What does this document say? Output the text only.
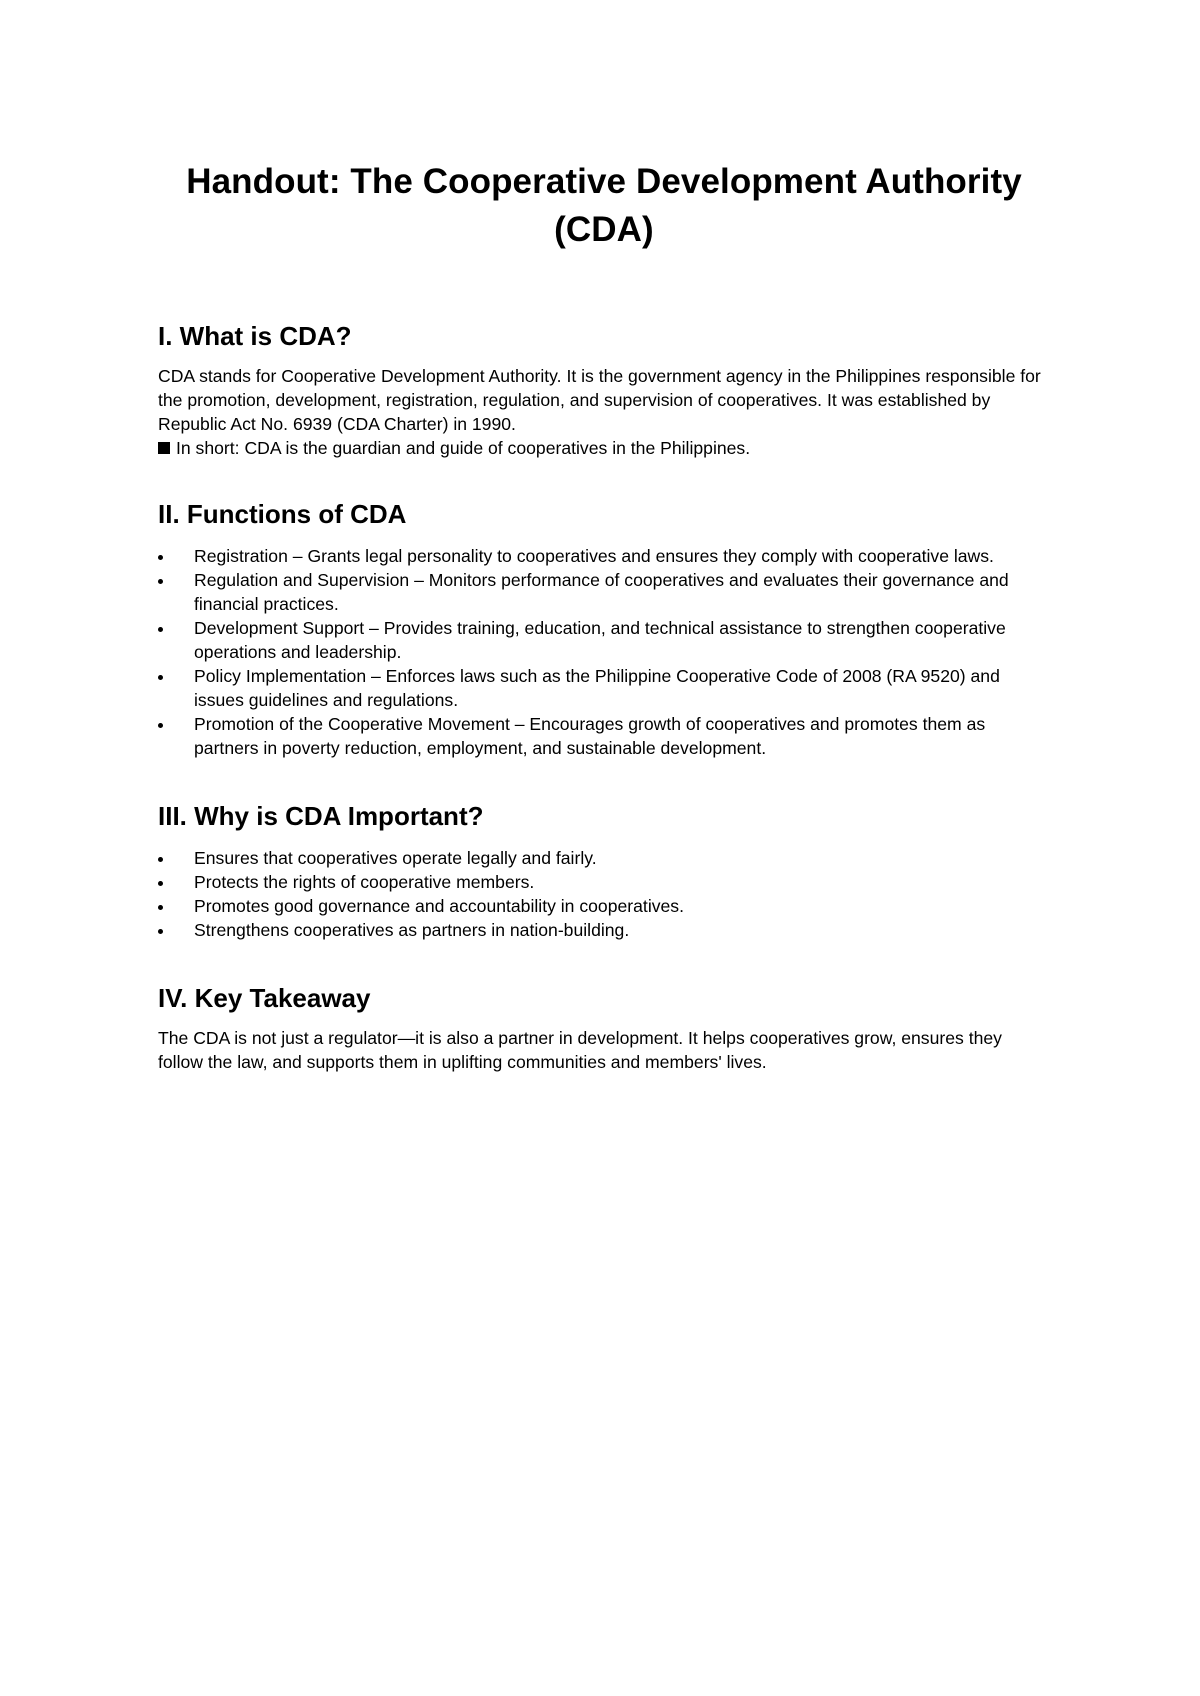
Handout: The Cooperative Development Authority (CDA)
I. What is CDA?

CDA stands for Cooperative Development Authority. It is the government agency in the Philippines responsible for the promotion, development, registration, regulation, and supervision of cooperatives. It was established by Republic Act No. 6939 (CDA Charter) in 1990.

In short: CDA is the guardian and guide of cooperatives in the Philippines.
II. Functions of CDA
Registration – Grants legal personality to cooperatives and ensures they comply with cooperative laws.
Regulation and Supervision – Monitors performance of cooperatives and evaluates their governance and financial practices.
Development Support – Provides training, education, and technical assistance to strengthen cooperative operations and leadership.
Policy Implementation – Enforces laws such as the Philippine Cooperative Code of 2008 (RA 9520) and issues guidelines and regulations.
Promotion of the Cooperative Movement – Encourages growth of cooperatives and promotes them as partners in poverty reduction, employment, and sustainable development.
III. Why is CDA Important?
Ensures that cooperatives operate legally and fairly.
Protects the rights of cooperative members.
Promotes good governance and accountability in cooperatives.
Strengthens cooperatives as partners in nation-building.
IV. Key Takeaway

The CDA is not just a regulator—it is also a partner in development. It helps cooperatives grow, ensures they follow the law, and supports them in uplifting communities and members' lives.
